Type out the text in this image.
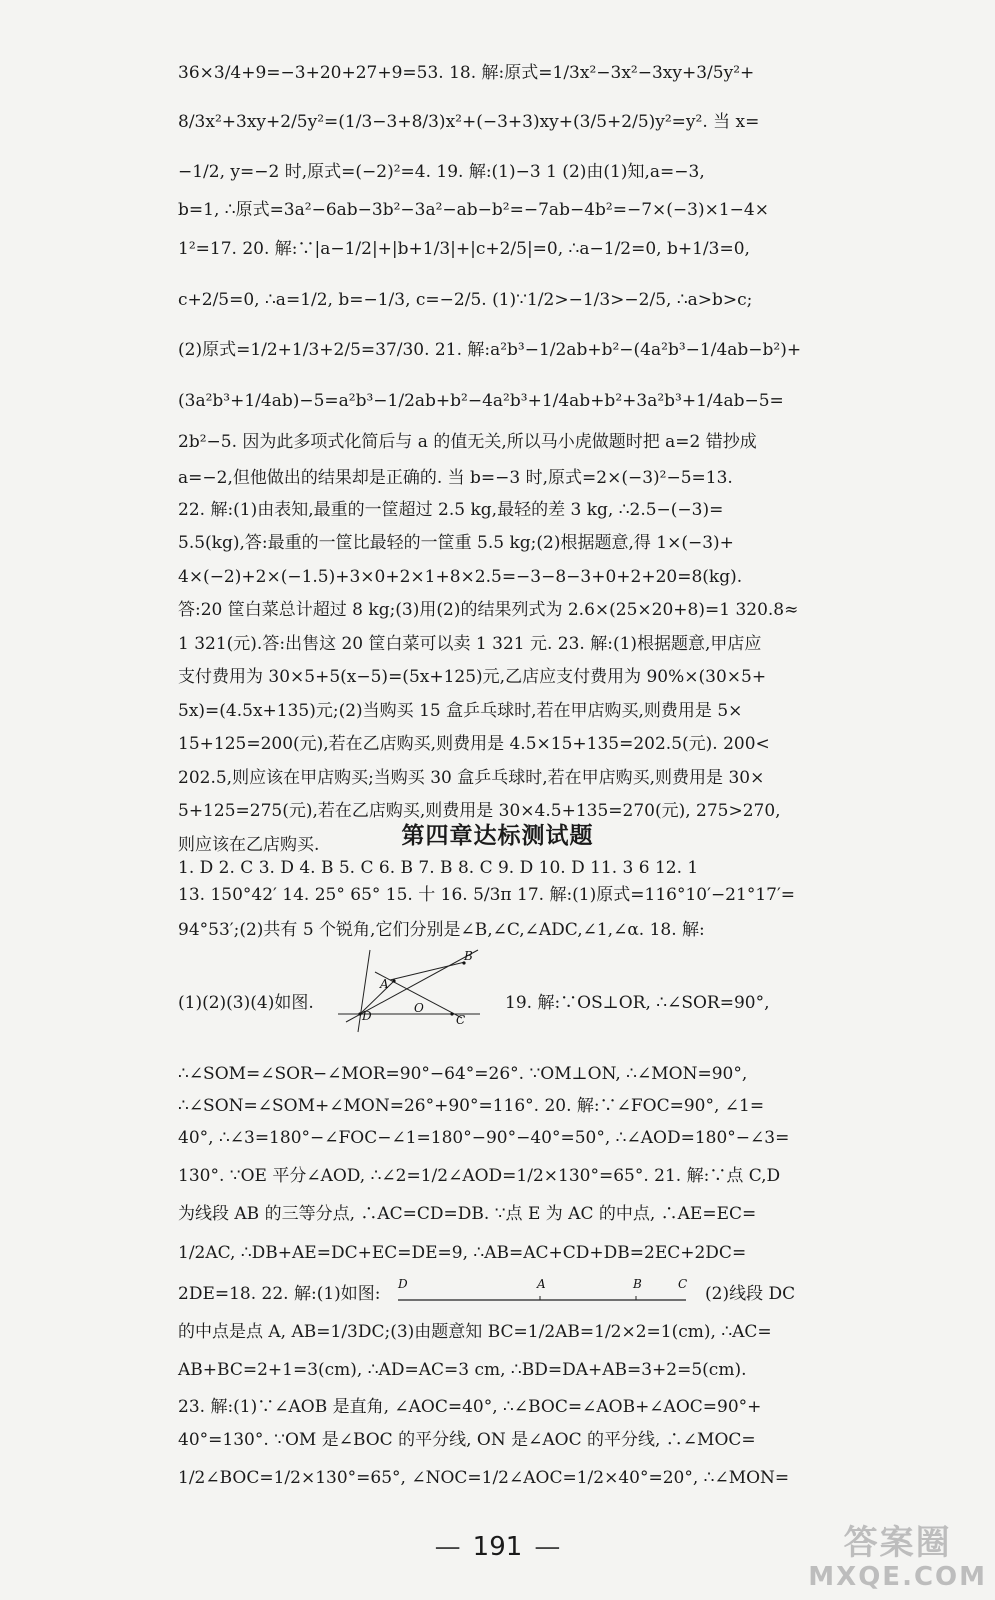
36×3/4+9=−3+20+27+9=53. 18. 解:原式=1/3x²−3x²−3xy+3/5y²+
8/3x²+3xy+2/5y²=(1/3−3+8/3)x²+(−3+3)xy+(3/5+2/5)y²=y². 当 x=
−1/2, y=−2 时,原式=(−2)²=4. 19. 解:(1)−3 1 (2)由(1)知,a=−3,
b=1, ∴原式=3a²−6ab−3b²−3a²−ab−b²=−7ab−4b²=−7×(−3)×1−4×
1²=17. 20. 解:∵|a−1/2|+|b+1/3|+|c+2/5|=0, ∴a−1/2=0, b+1/3=0,
c+2/5=0, ∴a=1/2, b=−1/3, c=−2/5. (1)∵1/2>−1/3>−2/5, ∴a>b>c;
(2)原式=1/2+1/3+2/5=37/30. 21. 解:a²b³−1/2ab+b²−(4a²b³−1/4ab−b²)+
(3a²b³+1/4ab)−5=a²b³−1/2ab+b²−4a²b³+1/4ab+b²+3a²b³+1/4ab−5=
2b²−5. 因为此多项式化简后与 a 的值无关,所以马小虎做题时把 a=2 错抄成
a=−2,但他做出的结果却是正确的. 当 b=−3 时,原式=2×(−3)²−5=13.
22. 解:(1)由表知,最重的一筐超过 2.5 kg,最轻的差 3 kg, ∴2.5−(−3)=
5.5(kg),答:最重的一筐比最轻的一筐重 5.5 kg;(2)根据题意,得 1×(−3)+
4×(−2)+2×(−1.5)+3×0+2×1+8×2.5=−3−8−3+0+2+20=8(kg).
答:20 筐白菜总计超过 8 kg;(3)用(2)的结果列式为 2.6×(25×20+8)=1 320.8≈
1 321(元).答:出售这 20 筐白菜可以卖 1 321 元. 23. 解:(1)根据题意,甲店应
支付费用为 30×5+5(x−5)=(5x+125)元,乙店应支付费用为 90%×(30×5+
5x)=(4.5x+135)元;(2)当购买 15 盒乒乓球时,若在甲店购买,则费用是 5×
15+125=200(元),若在乙店购买,则费用是 4.5×15+135=202.5(元). 200<
202.5,则应该在甲店购买;当购买 30 盒乒乓球时,若在甲店购买,则费用是 30×
5+125=275(元),若在乙店购买,则费用是 30×4.5+135=270(元), 275>270,
则应该在乙店购买.	第四章达标测试题
1. D 2. C 3. D 4. B 5. C 6. B 7. B 8. C 9. D 10. D 11. 3 6 12. 1
13. 150°42′ 14. 25° 65° 15. 十 16. 5/3π 17. 解:(1)原式=116°10′−21°17′=
94°53′;(2)共有 5 个锐角,它们分别是∠B,∠C,∠ADC,∠1,∠α. 18. 解:
(1)(2)(3)(4)如图.	19. 解:∵OS⊥OR, ∴∠SOR=90°,
∴∠SOM=∠SOR−∠MOR=90°−64°=26°. ∵OM⊥ON, ∴∠MON=90°,
∴∠SON=∠SOM+∠MON=26°+90°=116°. 20. 解:∵∠FOC=90°, ∠1=
40°, ∴∠3=180°−∠FOC−∠1=180°−90°−40°=50°, ∴∠AOD=180°−∠3=
130°. ∵OE 平分∠AOD, ∴∠2=1/2∠AOD=1/2×130°=65°. 21. 解:∵点 C,D
为线段 AB 的三等分点, ∴AC=CD=DB. ∵点 E 为 AC 的中点, ∴AE=EC=
1/2AC, ∴DB+AE=DC+EC=DE=9, ∴AB=AC+CD+DB=2EC+2DC=
2DE=18. 22. 解:(1)如图:	(2)线段 DC
的中点是点 A, AB=1/3DC;(3)由题意知 BC=1/2AB=1/2×2=1(cm), ∴AC=
AB+BC=2+1=3(cm), ∴AD=AC=3 cm, ∴BD=DA+AB=3+2=5(cm).
23. 解:(1)∵∠AOB 是直角, ∠AOC=40°, ∴∠BOC=∠AOB+∠AOC=90°+
40°=130°. ∵OM 是∠BOC 的平分线, ON 是∠AOC 的平分线, ∴∠MOC=
1/2∠BOC=1/2×130°=65°, ∠NOC=1/2∠AOC=1/2×40°=20°, ∴∠MON=
A
B
D
O
C
D	A	B	C
— 191 —	答案圈
MXQE.COM
